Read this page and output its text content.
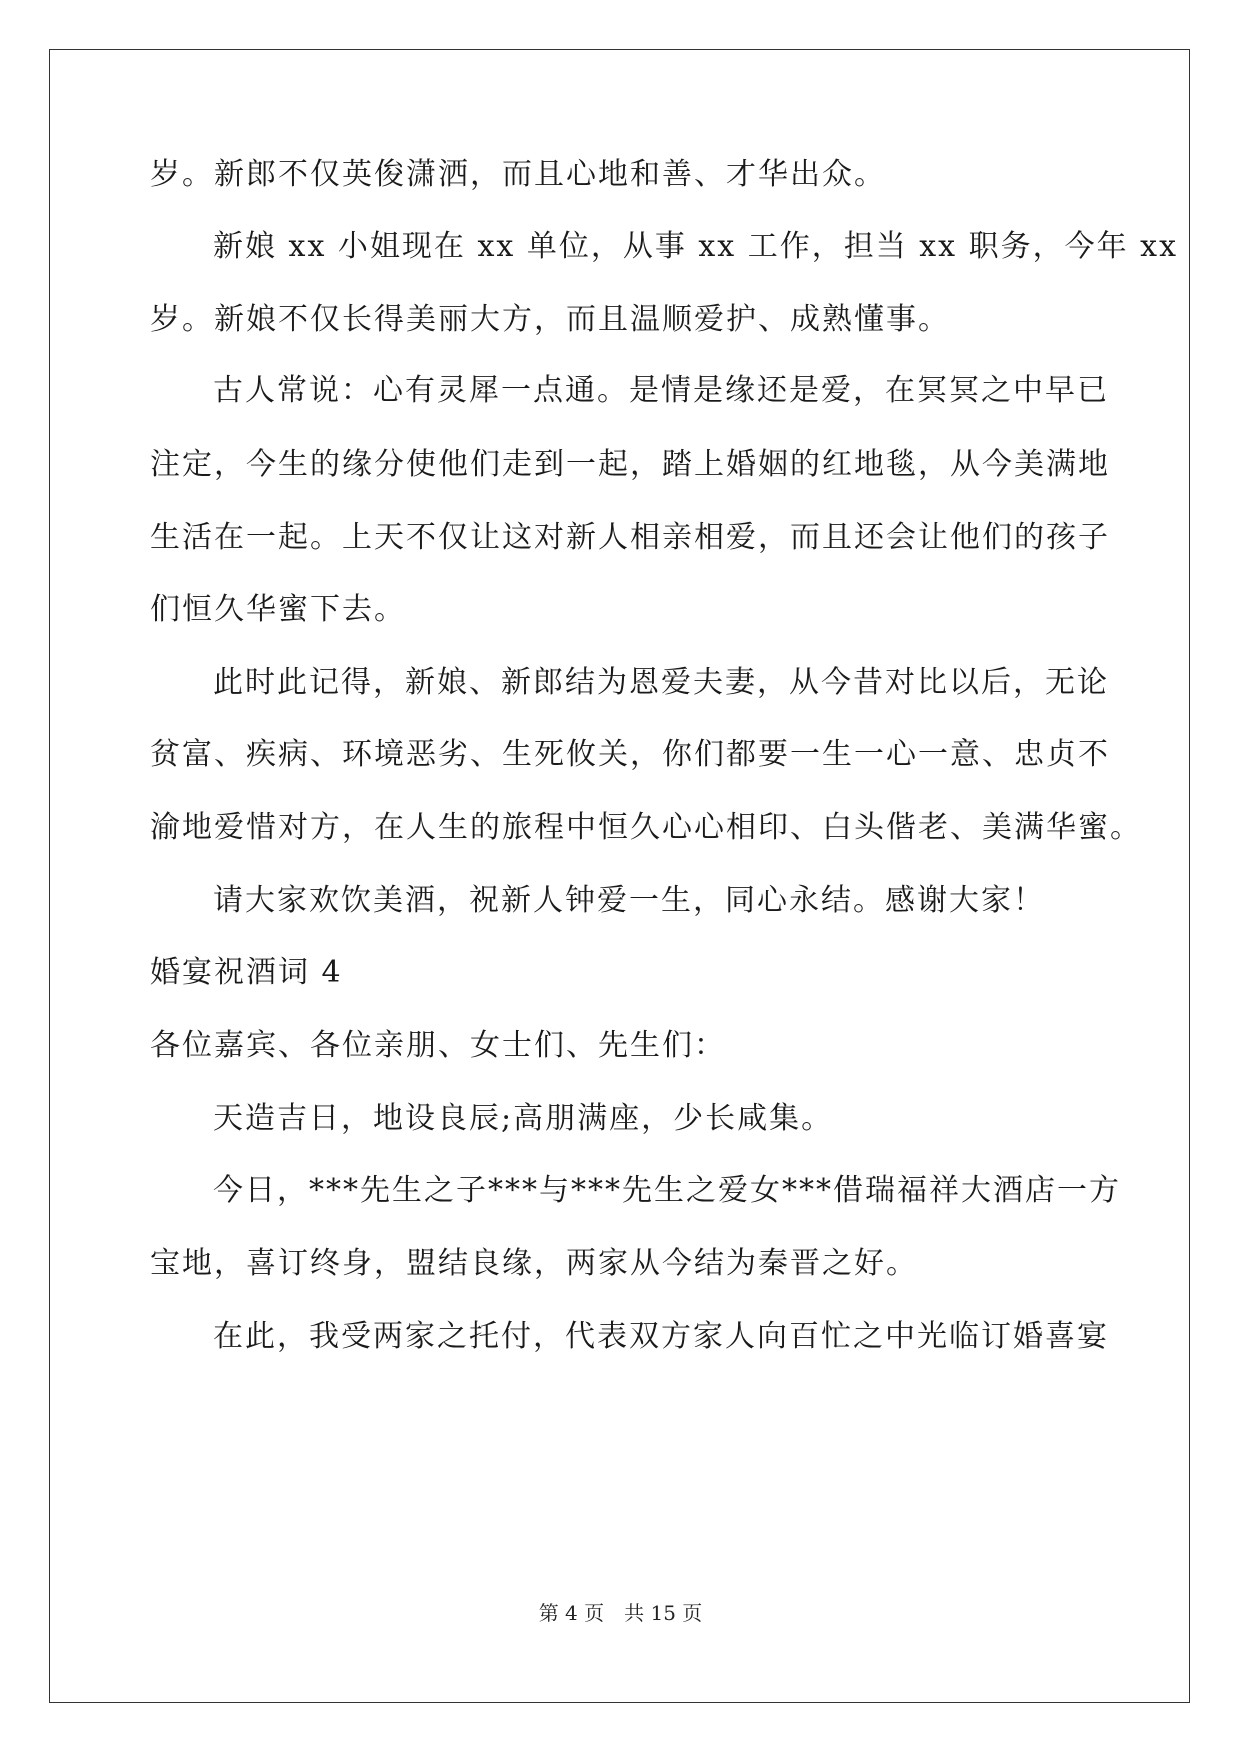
岁。新郎不仅英俊潇洒，而且心地和善、才华出众。
新娘 xx 小姐现在 xx 单位，从事 xx 工作，担当 xx 职务，今年 xx
岁。新娘不仅长得美丽大方，而且温顺爱护、成熟懂事。
古人常说：心有灵犀一点通。是情是缘还是爱，在冥冥之中早已
注定，今生的缘分使他们走到一起，踏上婚姻的红地毯，从今美满地
生活在一起。上天不仅让这对新人相亲相爱，而且还会让他们的孩子
们恒久华蜜下去。
此时此记得，新娘、新郎结为恩爱夫妻，从今昔对比以后，无论
贫富、疾病、环境恶劣、生死攸关，你们都要一生一心一意、忠贞不
渝地爱惜对方，在人生的旅程中恒久心心相印、白头偕老、美满华蜜。
请大家欢饮美酒，祝新人钟爱一生，同心永结。感谢大家！
婚宴祝酒词 4
各位嘉宾、各位亲朋、女士们、先生们：
天造吉日，地设良辰;高朋满座，少长咸集。
今日，***先生之子***与***先生之爱女***借瑞福祥大酒店一方
宝地，喜订终身，盟结良缘，两家从今结为秦晋之好。
在此，我受两家之托付，代表双方家人向百忙之中光临订婚喜宴
第 4 页 共 15 页
